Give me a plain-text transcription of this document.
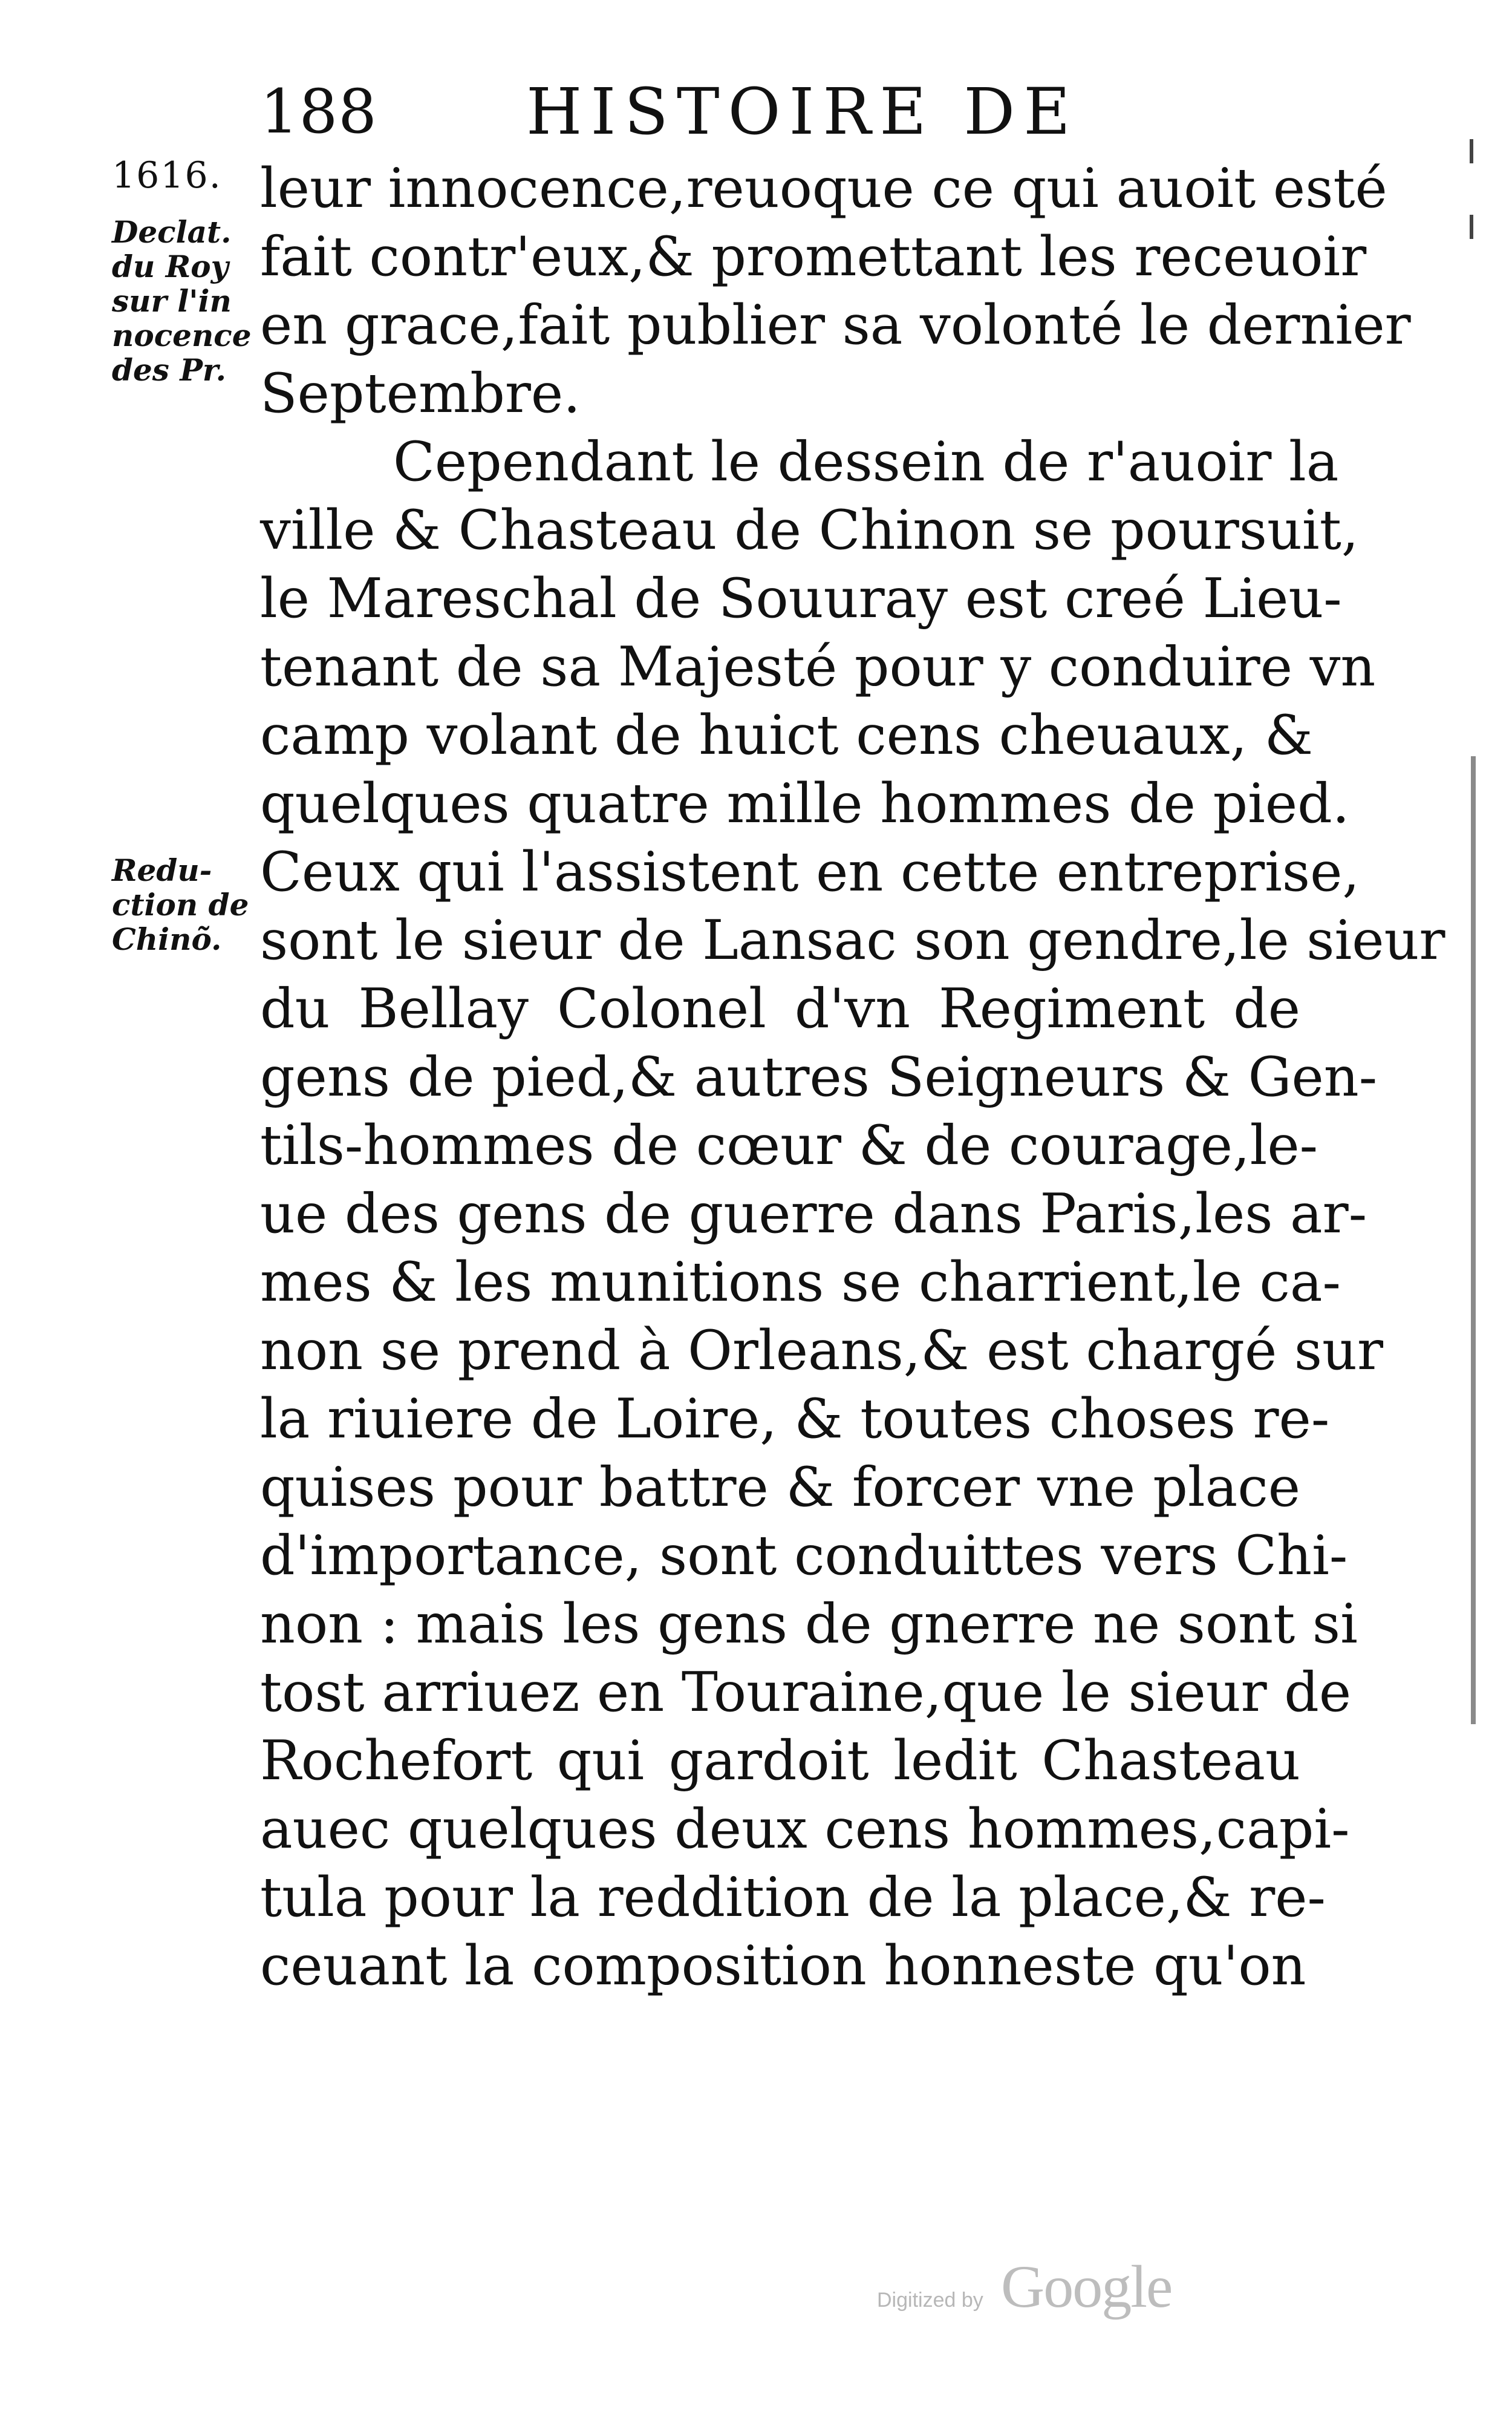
188 HISTOIRE DE
1616.
Declat.
du Roy
sur l'in
nocence
des Pr.
Redu-
ction de
Chinõ.
leur innocence,reuoque ce qui auoit esté
fait contr'eux,& promettant les receuoir
en grace,fait publier sa volonté le dernier
Septembre.
Cependant le dessein de r'auoir la
ville & Chasteau de Chinon se poursuit,
le Mareschal de Souuray est creé Lieu-
tenant de sa Majesté pour y conduire vn
camp volant de huict cens cheuaux, &
quelques quatre mille hommes de pied.
Ceux qui l'assistent en cette entreprise,
sont le sieur de Lansac son gendre,le sieur
du Bellay Colonel d'vn Regiment de
gens de pied,& autres Seigneurs & Gen-
tils-hommes de cœur & de courage,le-
ue des gens de guerre dans Paris,les ar-
mes & les munitions se charrient,le ca-
non se prend à Orleans,& est chargé sur
la riuiere de Loire, & toutes choses re-
quises pour battre & forcer vne place
d'importance, sont conduittes vers Chi-
non : mais les gens de gnerre ne sont si
tost arriuez en Touraine,que le sieur de
Rochefort qui gardoit ledit Chasteau
auec quelques deux cens hommes,capi-
tula pour la reddition de la place,& re-
ceuant la composition honneste qu'on
Digitized by Google
